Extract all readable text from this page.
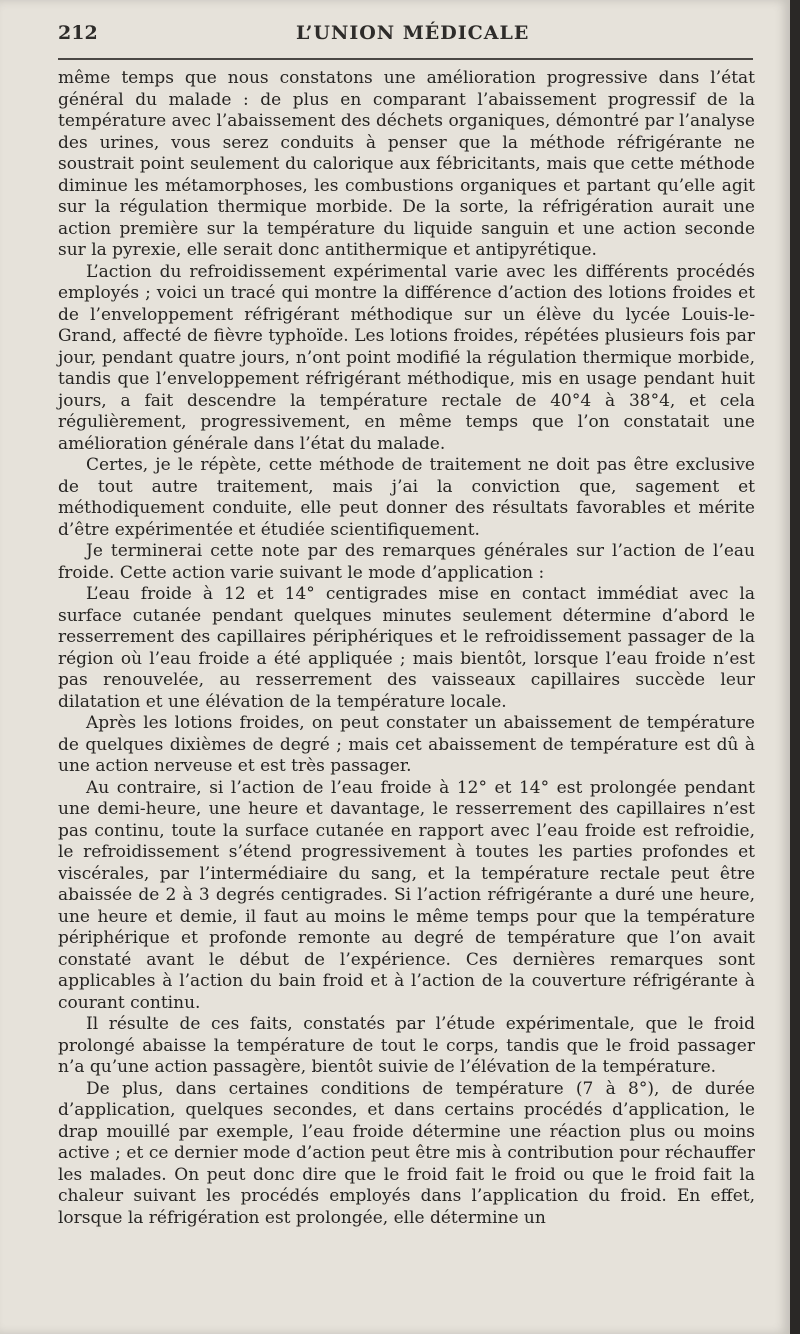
212	L’UNION MÉDICALE

même temps que nous constatons une amélioration progressive dans l’état général du malade : de plus en comparant l’abaissement progressif de la température avec l’abaissement des déchets organiques, démontré par l’analyse des urines, vous serez conduits à penser que la méthode réfrigérante ne soustrait point seulement du calorique aux fébricitants, mais que cette méthode diminue les métamorphoses, les combustions organiques et partant qu’elle agit sur la régulation thermique morbide. De la sorte, la réfrigération aurait une action première sur la température du liquide sanguin et une action seconde sur la pyrexie, elle serait donc antithermique et antipyrétique.

L’action du refroidissement expérimental varie avec les différents procédés employés ; voici un tracé qui montre la différence d’action des lotions froides et de l’enveloppement réfrigérant méthodique sur un élève du lycée Louis-le-Grand, affecté de fièvre typhoïde. Les lotions froides, répétées plusieurs fois par jour, pendant quatre jours, n’ont point modifié la régulation thermique morbide, tandis que l’enveloppement réfrigérant méthodique, mis en usage pendant huit jours, a fait descendre la température rectale de 40°4 à 38°4, et cela régulièrement, progressivement, en même temps que l’on constatait une amélioration générale dans l’état du malade.

Certes, je le répète, cette méthode de traitement ne doit pas être exclusive de tout autre traitement, mais j’ai la conviction que, sagement et méthodiquement conduite, elle peut donner des résultats favorables et mérite d’être expérimentée et étudiée scientifiquement.

Je terminerai cette note par des remarques générales sur l’action de l’eau froide. Cette action varie suivant le mode d’application :

L’eau froide à 12 et 14° centigrades mise en contact immédiat avec la surface cutanée pendant quelques minutes seulement détermine d’abord le resserrement des capillaires périphériques et le refroidissement passager de la région où l’eau froide a été appliquée ; mais bientôt, lorsque l’eau froide n’est pas renouvelée, au resserrement des vaisseaux capillaires succède leur dilatation et une élévation de la température locale.

Après les lotions froides, on peut constater un abaissement de température de quelques dixièmes de degré ; mais cet abaissement de température est dû à une action nerveuse et est très passager.

Au contraire, si l’action de l’eau froide à 12° et 14° est prolongée pendant une demi-heure, une heure et davantage, le resserrement des capillaires n’est pas continu, toute la surface cutanée en rapport avec l’eau froide est refroidie, le refroidissement s’étend progressivement à toutes les parties profondes et viscérales, par l’intermédiaire du sang, et la température rectale peut être abaissée de 2 à 3 degrés centigrades. Si l’action réfrigérante a duré une heure, une heure et demie, il faut au moins le même temps pour que la température périphérique et profonde remonte au degré de température que l’on avait constaté avant le début de l’expérience. Ces dernières remarques sont applicables à l’action du bain froid et à l’action de la couverture réfrigérante à courant continu.

Il résulte de ces faits, constatés par l’étude expérimentale, que le froid prolongé abaisse la température de tout le corps, tandis que le froid passager n’a qu’une action passagère, bientôt suivie de l’élévation de la température.

De plus, dans certaines conditions de température (7 à 8°), de durée d’application, quelques secondes, et dans certains procédés d’application, le drap mouillé par exemple, l’eau froide détermine une réaction plus ou moins active ; et ce dernier mode d’action peut être mis à contribution pour réchauffer les malades. On peut donc dire que le froid fait le froid ou que le froid fait la chaleur suivant les procédés employés dans l’application du froid. En effet, lorsque la réfrigération est prolongée, elle détermine un
